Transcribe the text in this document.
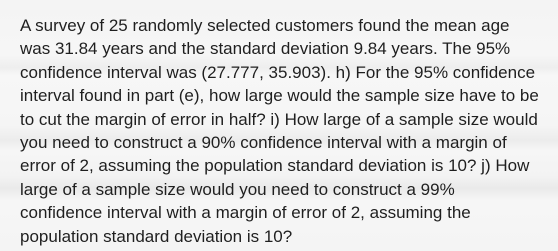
A survey of 25 randomly selected customers found the mean age was 31.84 years and the standard deviation 9.84 years. The 95% confidence interval was (27.777, 35.903). h) For the 95% confidence interval found in part (e), how large would the sample size have to be to cut the margin of error in half? i) How large of a sample size would you need to construct a 90% confidence interval with a margin of error of 2, assuming the population standard deviation is 10? j) How large of a sample size would you need to construct a 99% confidence interval with a margin of error of 2, assuming the population standard deviation is 10?
